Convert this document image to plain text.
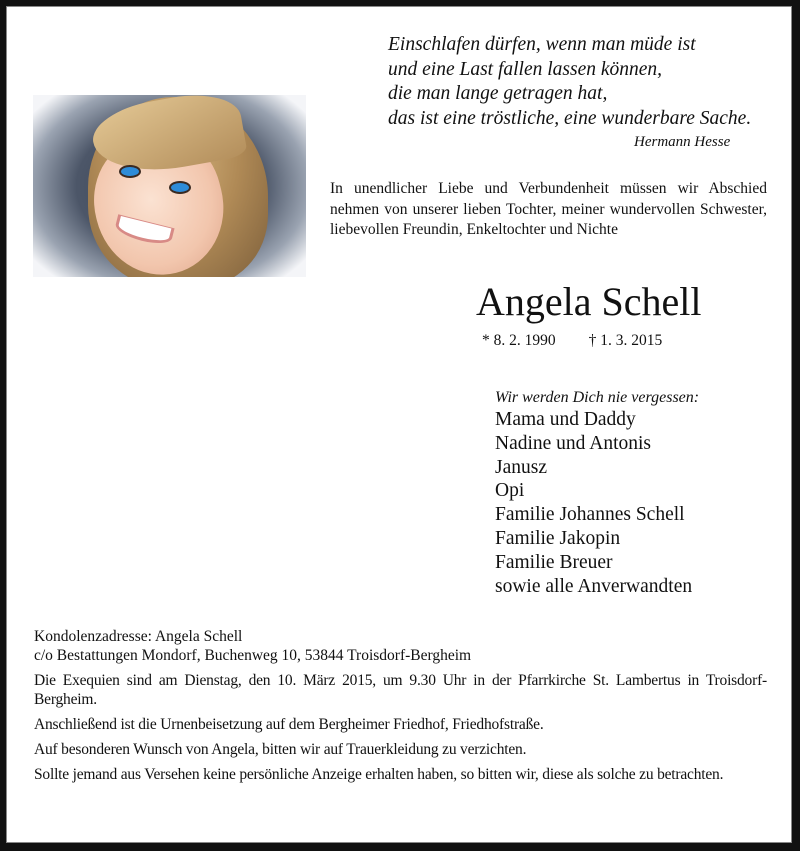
Einschlafen dürfen, wenn man müde ist
und eine Last fallen lassen können,
die man lange getragen hat,
das ist eine tröstliche, eine wunderbare Sache.
Hermann Hesse
In unendlicher Liebe und Verbundenheit müssen wir Abschied nehmen von unserer lieben Tochter, meiner wundervollen Schwester, liebevollen Freundin, Enkeltochter und Nichte
Angela Schell
* 8. 2. 1990 † 1. 3. 2015
Wir werden Dich nie vergessen:
Mama und Daddy
Nadine und Antonis
Janusz
Opi
Familie Johannes Schell
Familie Jakopin
Familie Breuer
sowie alle Anverwandten
Kondolenzadresse: Angela Schell
c/o Bestattungen Mondorf, Buchenweg 10, 53844 Troisdorf-Bergheim

Die Exequien sind am Dienstag, den 10. März 2015, um 9.30 Uhr in der Pfarrkirche St. Lambertus in Troisdorf-Bergheim.

Anschließend ist die Urnenbeisetzung auf dem Bergheimer Friedhof, Friedhofstraße.

Auf besonderen Wunsch von Angela, bitten wir auf Trauerkleidung zu verzichten.

Sollte jemand aus Versehen keine persönliche Anzeige erhalten haben, so bitten wir, diese als solche zu betrachten.
